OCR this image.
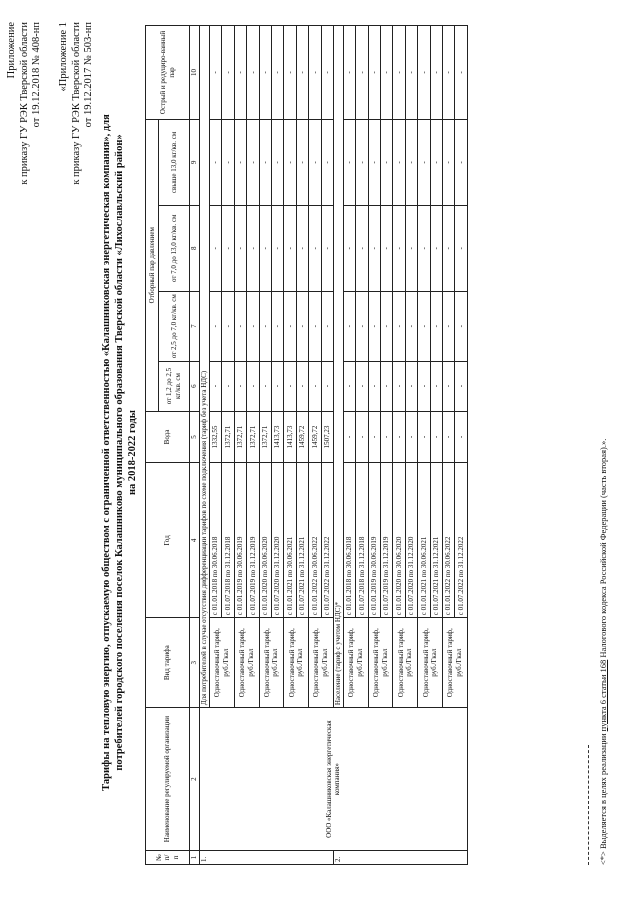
Приложение к приказу ГУ РЭК Тверской области от 19.12.2018 № 408-нп «Приложение 1 к приказу ГУ РЭК Тверской области от 19.12.2017 № 503-нп
Тарифы на тепловую энергию, отпускаемую обществом с ограниченной ответственностью «Калашниковская энергетическая компания», для потребителей городского поселения поселок Калашниково муниципального образования Тверской области «Лихославльский район» на 2018-2022 годы
№ п/ п	Наименование регулируемой организации	Вид тарифа	Год	Вода	Отборный пар давлением				Острый и редуциро-ванный пар
					от 1,2 до 2,5 кг/кв. см	от 2,5 до 7,0 кг/кв. см	от 7,0 до 13,0 кг/кв. см	свыше 13,0 кг/кв. см	
1	2	3	4	5	6	7	8	9	10
1.	ООО «Калашниковская энергетическая компания»	Для потребителей в случае отсутствия дифференциации тарифов по схеме подключения (тариф без учета НДС)							
		Одноставочный тариф, руб./Гкал	с 01.01.2018 по 30.06.2018	1332,55	-	-	-	-	-
			с 01.07.2018 по 31.12.2018	1372,71	-	-	-	-	-
		Одноставочный тариф, руб./Гкал	с 01.01.2019 по 30.06.2019	1372,71	-	-	-	-	-
			с 01.07.2019 по 31.12.2019	1372,71	-	-	-	-	-
		Одноставочный тариф, руб./Гкал	с 01.01.2020 по 30.06.2020	1372,71	-	-	-	-	-
			с 01.07.2020 по 31.12.2020	1413,73	-	-	-	-	-
		Одноставочный тариф, руб./Гкал	с 01.01.2021 по 30.06.2021	1413,73	-	-	-	-	-
			с 01.07.2021 по 31.12.2021	1459,72	-	-	-	-	-
		Одноставочный тариф, руб./Гкал	с 01.01.2022 по 30.06.2022	1459,72	-	-	-	-	-
			с 01.07.2022 по 31.12.2022	1507,23	-	-	-	-	-
2.		Население (тариф с учетом НДС)*							
		Одноставочный тариф, руб./Гкал	с 01.01.2018 по 30.06.2018	-	-	-	-	-	-
			с 01.07.2018 по 31.12.2018	-	-	-	-	-	-
		Одноставочный тариф, руб./Гкал	с 01.01.2019 по 30.06.2019	-	-	-	-	-	-
			с 01.07.2019 по 31.12.2019	-	-	-	-	-	-
		Одноставочный тариф, руб./Гкал	с 01.01.2020 по 30.06.2020	-	-	-	-	-	-
			с 01.07.2020 по 31.12.2020	-	-	-	-	-	-
		Одноставочный тариф, руб./Гкал	с 01.01.2021 по 30.06.2021	-	-	-	-	-	-
			с 01.07.2021 по 31.12.2021	-	-	-	-	-	-
		Одноставочный тариф, руб./Гкал	с 01.01.2022 по 30.06.2022	-	-	-	-	-	-
			с 01.07.2022 по 31.12.2022	-	-	-	-	-	-
<*> Выделяется в целях реализации пункта 6 статьи 168 Налогового кодекса Российской Федерации (часть вторая).».
